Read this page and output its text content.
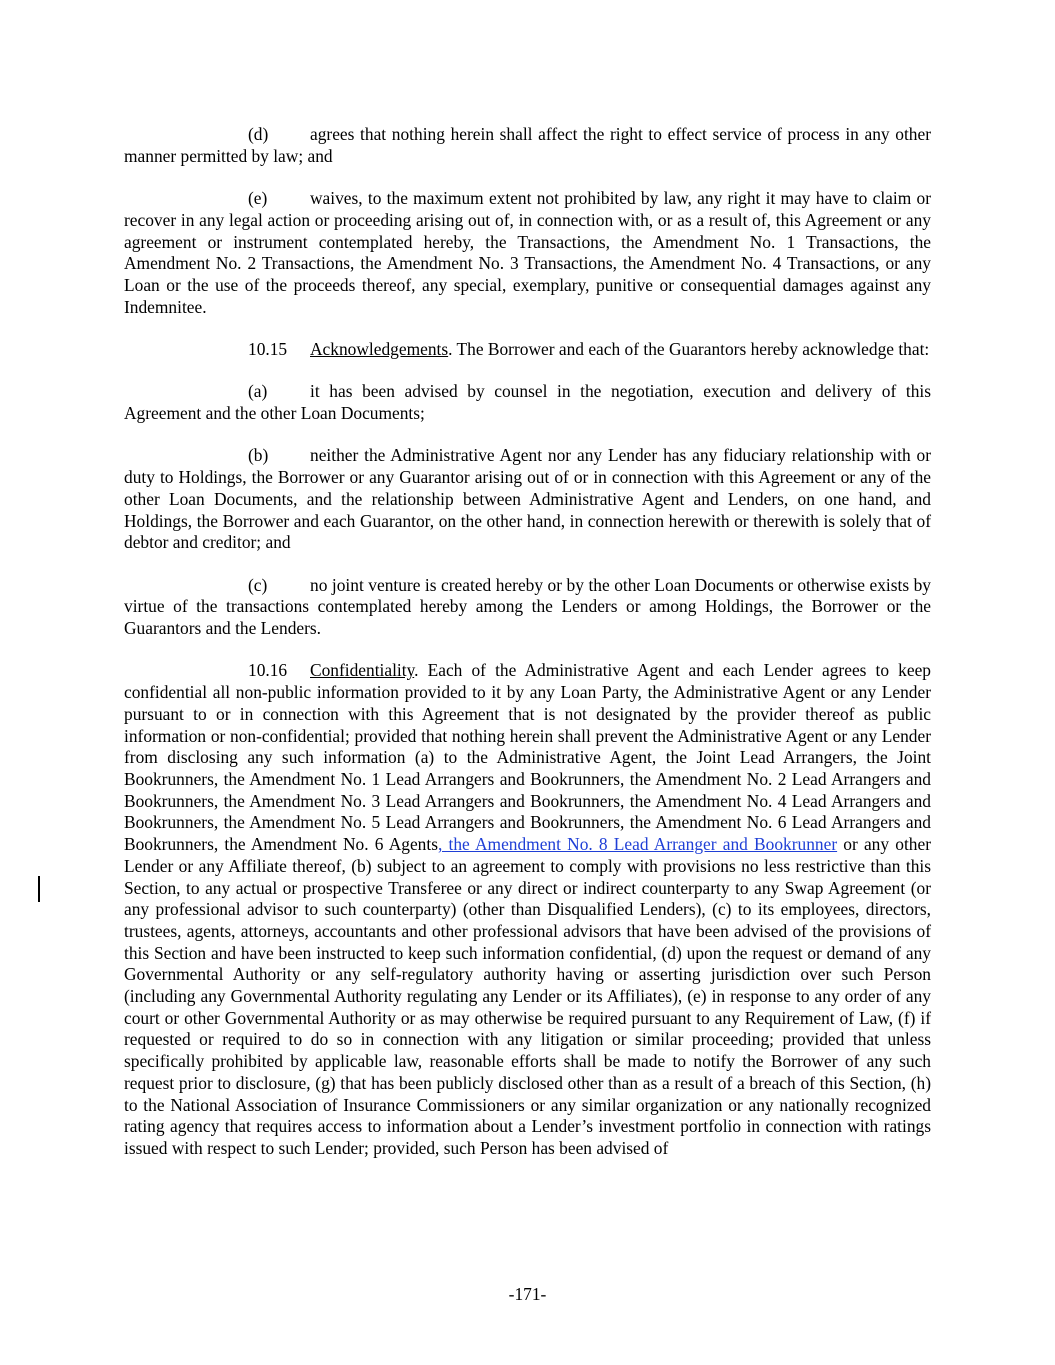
(d) agrees that nothing herein shall affect the right to effect service of process in any other manner permitted by law; and

(e) waives, to the maximum extent not prohibited by law, any right it may have to claim or recover in any legal action or proceeding arising out of, in connection with, or as a result of, this Agreement or any agreement or instrument contemplated hereby, the Transactions, the Amendment No. 1 Transactions, the Amendment No. 2 Transactions, the Amendment No. 3 Transactions, the Amendment No. 4 Transactions, or any Loan or the use of the proceeds thereof, any special, exemplary, punitive or consequential damages against any Indemnitee.

10.15 Acknowledgements. The Borrower and each of the Guarantors hereby acknowledge that:

(a) it has been advised by counsel in the negotiation, execution and delivery of this Agreement and the other Loan Documents;

(b) neither the Administrative Agent nor any Lender has any fiduciary relationship with or duty to Holdings, the Borrower or any Guarantor arising out of or in connection with this Agreement or any of the other Loan Documents, and the relationship between Administrative Agent and Lenders, on one hand, and Holdings, the Borrower and each Guarantor, on the other hand, in connection herewith or therewith is solely that of debtor and creditor; and

(c) no joint venture is created hereby or by the other Loan Documents or otherwise exists by virtue of the transactions contemplated hereby among the Lenders or among Holdings, the Borrower or the Guarantors and the Lenders.

10.16 Confidentiality. Each of the Administrative Agent and each Lender agrees to keep confidential all non-public information provided to it by any Loan Party, the Administrative Agent or any Lender pursuant to or in connection with this Agreement that is not designated by the provider thereof as public information or non-confidential; provided that nothing herein shall prevent the Administrative Agent or any Lender from disclosing any such information (a) to the Administrative Agent, the Joint Lead Arrangers, the Joint Bookrunners, the Amendment No. 1 Lead Arrangers and Bookrunners, the Amendment No. 2 Lead Arrangers and Bookrunners, the Amendment No. 3 Lead Arrangers and Bookrunners, the Amendment No. 4 Lead Arrangers and Bookrunners, the Amendment No. 5 Lead Arrangers and Bookrunners, the Amendment No. 6 Lead Arrangers and Bookrunners, the Amendment No. 6 Agents, the Amendment No. 8 Lead Arranger and Bookrunner or any other Lender or any Affiliate thereof, (b) subject to an agreement to comply with provisions no less restrictive than this Section, to any actual or prospective Transferee or any direct or indirect counterparty to any Swap Agreement (or any professional advisor to such counterparty) (other than Disqualified Lenders), (c) to its employees, directors, trustees, agents, attorneys, accountants and other professional advisors that have been advised of the provisions of this Section and have been instructed to keep such information confidential, (d) upon the request or demand of any Governmental Authority or any self-regulatory authority having or asserting jurisdiction over such Person (including any Governmental Authority regulating any Lender or its Affiliates), (e) in response to any order of any court or other Governmental Authority or as may otherwise be required pursuant to any Requirement of Law, (f) if requested or required to do so in connection with any litigation or similar proceeding; provided that unless specifically prohibited by applicable law, reasonable efforts shall be made to notify the Borrower of any such request prior to disclosure, (g) that has been publicly disclosed other than as a result of a breach of this Section, (h) to the National Association of Insurance Commissioners or any similar organization or any nationally recognized rating agency that requires access to information about a Lender’s investment portfolio in connection with ratings issued with respect to such Lender; provided, such Person has been advised of

-171-
